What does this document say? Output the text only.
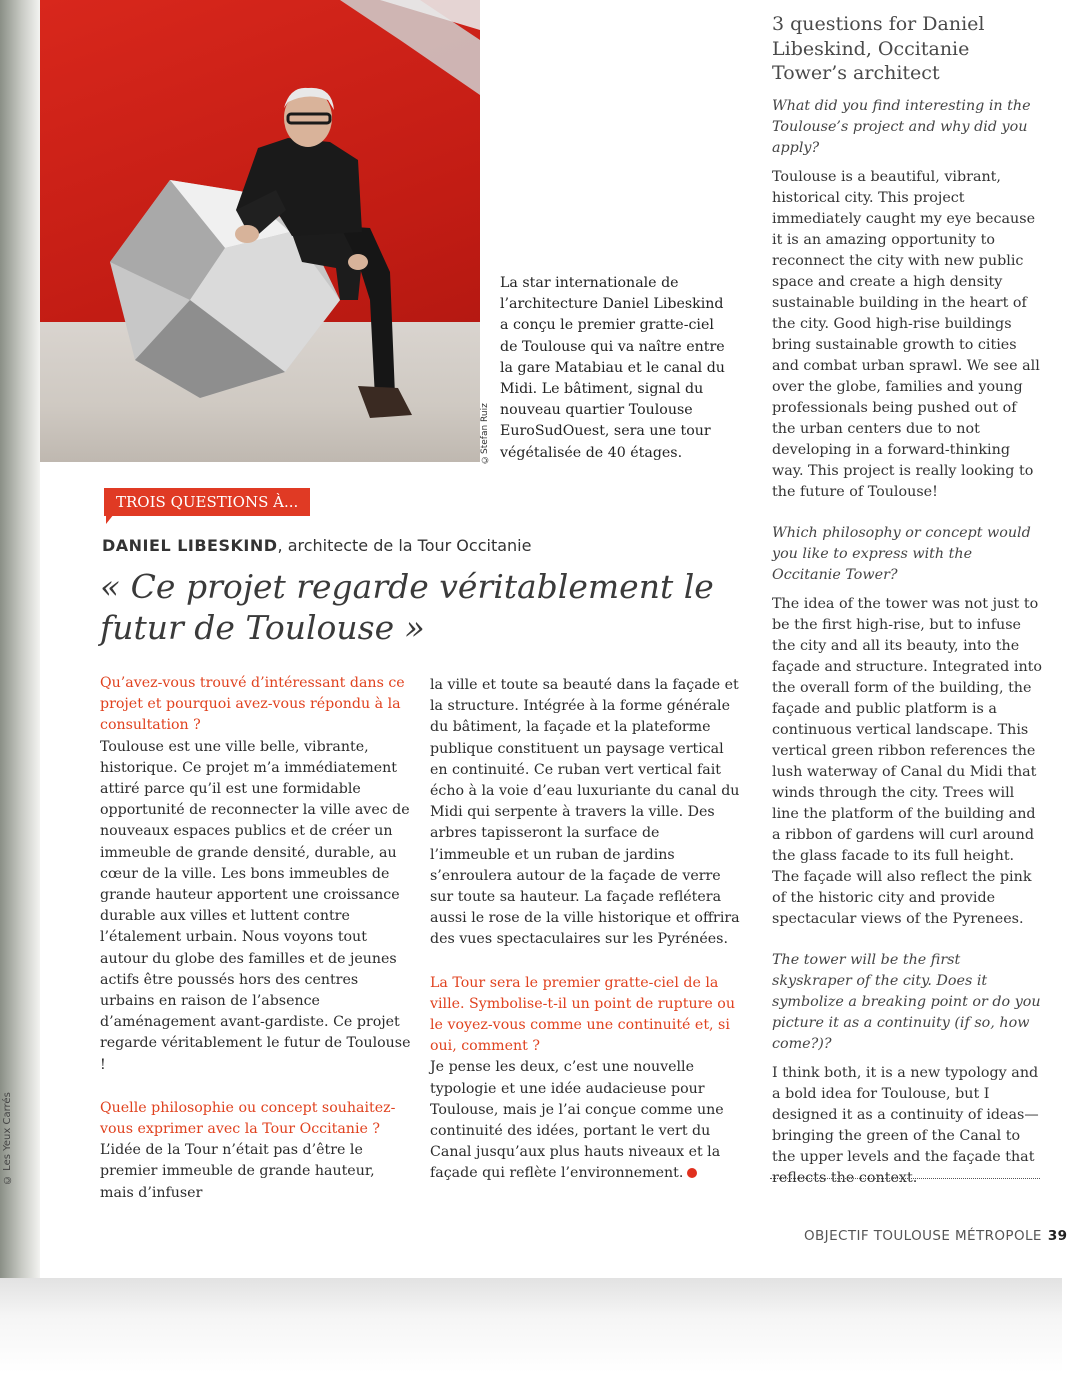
© Les Yeux Carrés
©Stefan Ruiz

La star internationale de l’architecture Daniel Libeskind a conçu le premier gratte-ciel de Toulouse qui va naître entre la gare Matabiau et le canal du Midi. Le bâtiment, signal du nouveau quartier Toulouse EuroSudOuest, sera une tour végétalisée de 40 étages.

3 questions for Daniel Libeskind, Occitanie Tower’s architect

What did you find interesting in the Toulouse’s project and why did you apply?

Toulouse is a beautiful, vibrant, historical city. This project immediately caught my eye because it is an amazing opportunity to reconnect the city with new public space and create a high density sustainable building in the heart of the city. Good high-rise buildings bring sustainable growth to cities and combat urban sprawl. We see all over the globe, families and young professionals being pushed out of the urban centers due to not developing in a forward-thinking way. This project is really looking to the future of Toulouse!

Which philosophy or concept would you like to express with the Occitanie Tower?

The idea of the tower was not just to be the first high-rise, but to infuse the city and all its beauty, into the façade and structure. Integrated into the overall form of the building, the façade and public platform is a continuous vertical landscape. This vertical green ribbon references the lush waterway of Canal du Midi that winds through the city. Trees will line the platform of the building and a ribbon of gardens will curl around the glass facade to its full height. The façade will also reflect the pink of the historic city and provide spectacular views of the Pyrenees.

The tower will be the first skyskraper of the city. Does it symbolize a breaking point or do you picture it as a continuity (if so, how come?)?

I think both, it is a new typology and a bold idea for Toulouse, but I designed it as a continuity of ideas—bringing the green of the Canal to the upper levels and the façade that reflects the context.

TROIS QUESTIONS À...

DANIEL LIBESKIND, architecte de la Tour Occitanie

« Ce projet regarde véritablement le futur de Toulouse »

Qu’avez-vous trouvé d’intéressant dans ce projet et pourquoi avez-vous répondu à la consultation ?

Toulouse est une ville belle, vibrante, historique. Ce projet m’a immédiatement attiré parce qu’il est une formidable opportunité de reconnecter la ville avec de nouveaux espaces publics et de créer un immeuble de grande densité, durable, au cœur de la ville. Les bons immeubles de grande hauteur apportent une croissance durable aux villes et luttent contre l’étalement urbain. Nous voyons tout autour du globe des familles et de jeunes actifs être poussés hors des centres urbains en raison de l’absence d’aménagement avant-gardiste. Ce projet regarde véritablement le futur de Toulouse !

Quelle philosophie ou concept souhaitez-vous exprimer avec la Tour Occitanie ?

L’idée de la Tour n’était pas d’être le premier immeuble de grande hauteur, mais d’infuser

la ville et toute sa beauté dans la façade et la structure. Intégrée à la forme générale du bâtiment, la façade et la plateforme publique constituent un paysage vertical en continuité. Ce ruban vert vertical fait écho à la voie d’eau luxuriante du canal du Midi qui serpente à travers la ville. Des arbres tapisseront la surface de l’immeuble et un ruban de jardins s’enroulera autour de la façade de verre sur toute sa hauteur. La façade reflétera aussi le rose de la ville historique et offrira des vues spectaculaires sur les Pyrénées.

La Tour sera le premier gratte-ciel de la ville. Symbolise-t-il un point de rupture ou le voyez-vous comme une continuité et, si oui, comment ?

Je pense les deux, c’est une nouvelle typologie et une idée audacieuse pour Toulouse, mais je l’ai conçue comme une continuité des idées, portant le vert du Canal jusqu’aux plus hauts niveaux et la façade qui reflète l’environnement.

OBJECTIF TOULOUSE MÉTROPOLE 39
